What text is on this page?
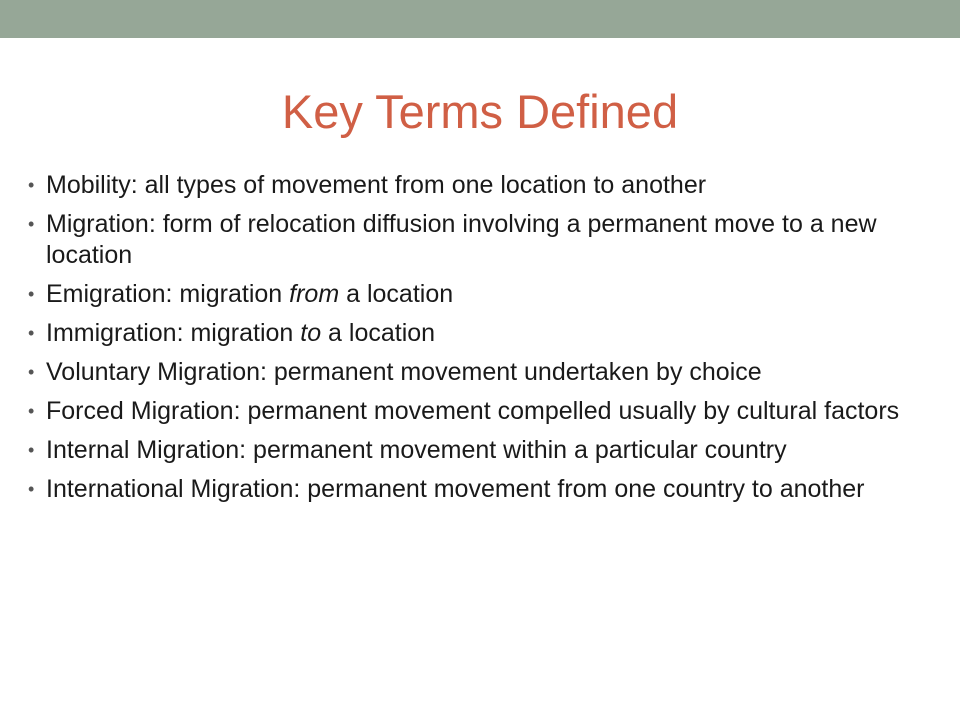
Key Terms Defined
• Mobility: all types of movement from one location to another
• Migration: form of relocation diffusion involving a permanent move to a new location
• Emigration: migration from a location
• Immigration: migration to a location
• Voluntary Migration: permanent movement undertaken by choice
• Forced Migration: permanent movement compelled usually by cultural factors
• Internal Migration: permanent movement within a particular country
• International Migration: permanent movement from one country to another
